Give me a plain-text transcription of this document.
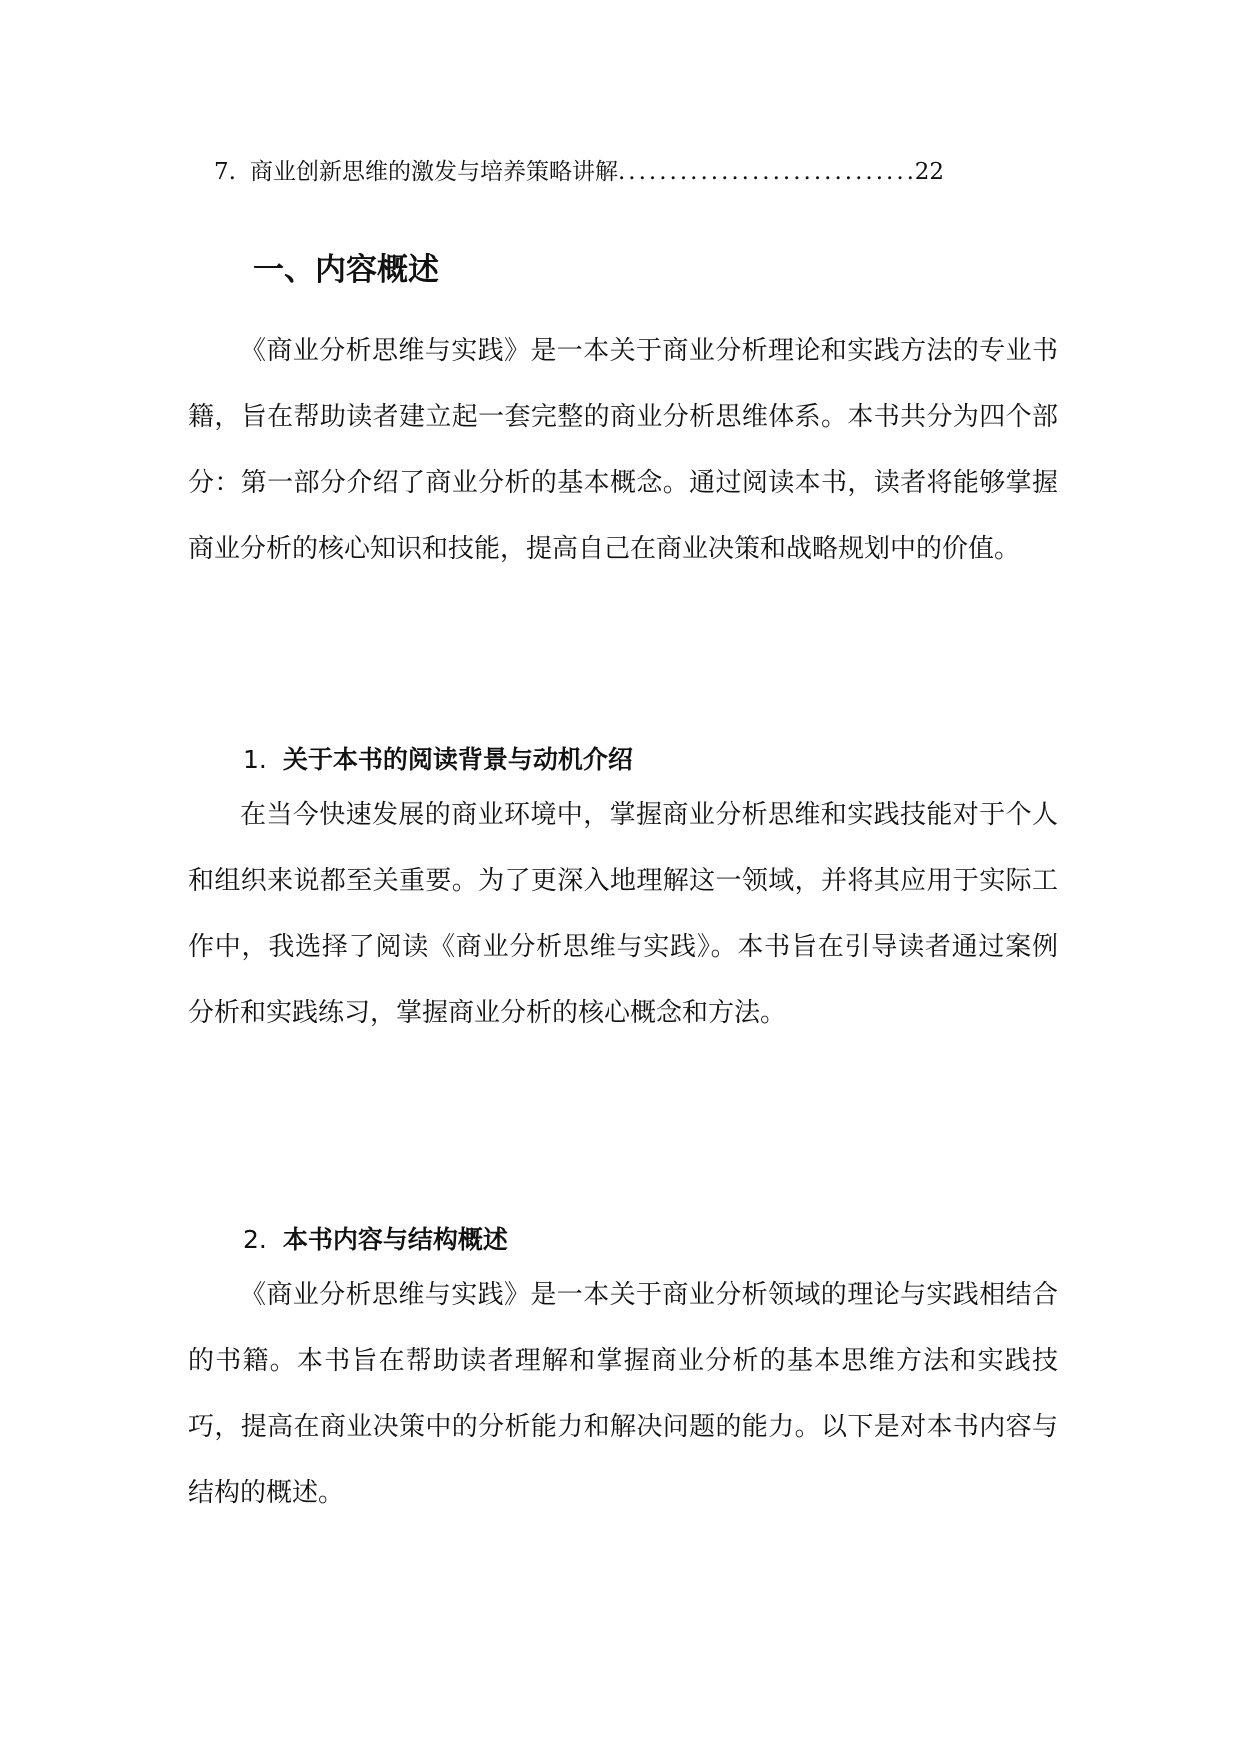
7. 商业创新思维的激发与培养策略讲解
.....	22
一、内容概述

《商业分析思维与实践》是一本关于商业分析理论和实践方法的专业书籍，旨在帮助读者建立起一套完整的商业分析思维体系。本书共分为四个部分：第一部分介绍了商业分析的基本概念。通过阅读本书，读者将能够掌握商业分析的核心知识和技能，提高自己在商业决策和战略规划中的价值。

1. 关于本书的阅读背景与动机介绍

在当今快速发展的商业环境中，掌握商业分析思维和实践技能对于个人和组织来说都至关重要。为了更深入地理解这一领域，并将其应用于实际工作中，我选择了阅读《商业分析思维与实践》。本书旨在引导读者通过案例分析和实践练习，掌握商业分析的核心概念和方法。

2. 本书内容与结构概述

《商业分析思维与实践》是一本关于商业分析领域的理论与实践相结合的书籍。本书旨在帮助读者理解和掌握商业分析的基本思维方法和实践技巧，提高在商业决策中的分析能力和解决问题的能力。以下是对本书内容与结构的概述。
